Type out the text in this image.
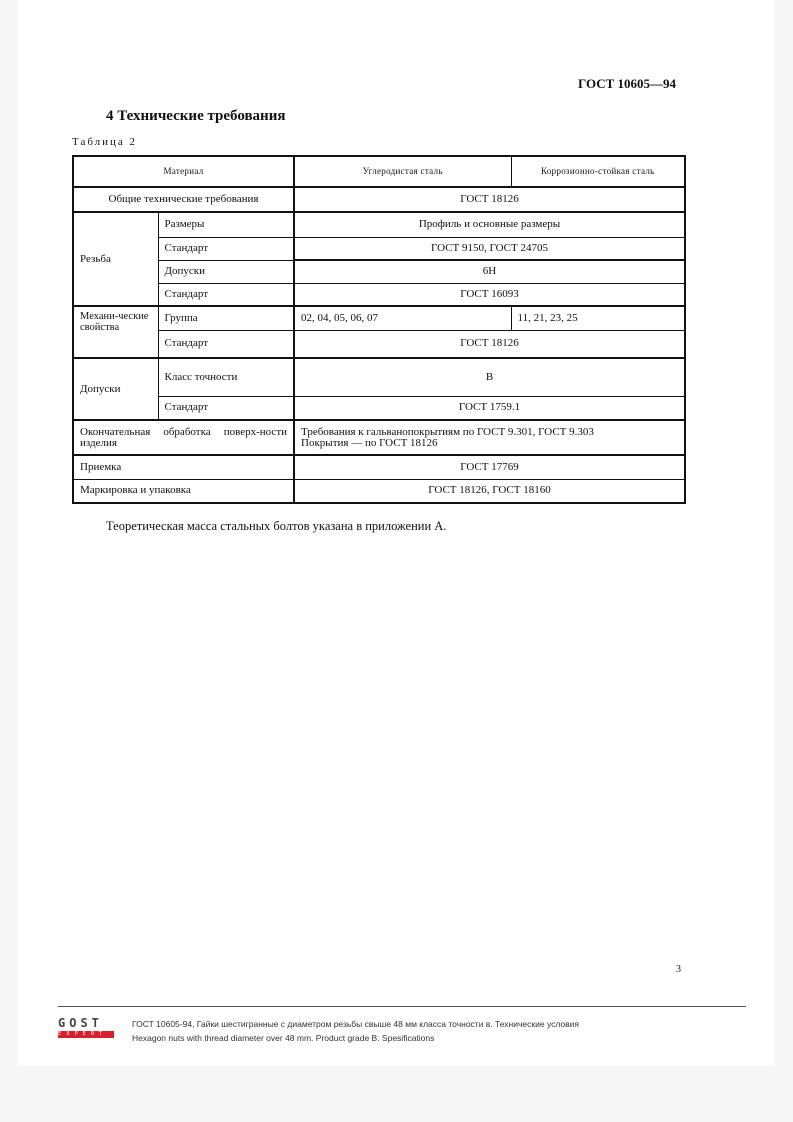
ГОСТ 10605—94
4 Технические требования
Таблица 2
Материал		Углеродистая сталь	Коррозионно-стойкая сталь
Общие технические требования		ГОСТ 18126	
Резьба	Размеры	Профиль и основные размеры	
	Стандарт	ГОСТ 9150, ГОСТ 24705	
	Допуски	6H	
	Стандарт	ГОСТ 16093	
Механи-ческие свойства	Группа	02, 04, 05, 06, 07	11, 21, 23, 25
	Стандарт	ГОСТ 18126	
Допуски	Класс точности	B	
	Стандарт	ГОСТ 1759.1	
Окончательная обработка поверх-ности изделия		Требования к гальванопокрытиям по ГОСТ 9.301, ГОСТ 9.303
Покрытия — по ГОСТ 18126	

Приемка		ГОСТ 17769	
Маркировка и упаковка		ГОСТ 18126, ГОСТ 18160	
Теоретическая масса стальных болтов указана в приложении А.
3
GOST
EXPERT
ГОСТ 10605-94, Гайки шестигранные с диаметром резьбы свыше 48 мм класса точности в. Технические условия
Hexagon nuts with thread diameter over 48 mm. Product grade B. Spesifications
